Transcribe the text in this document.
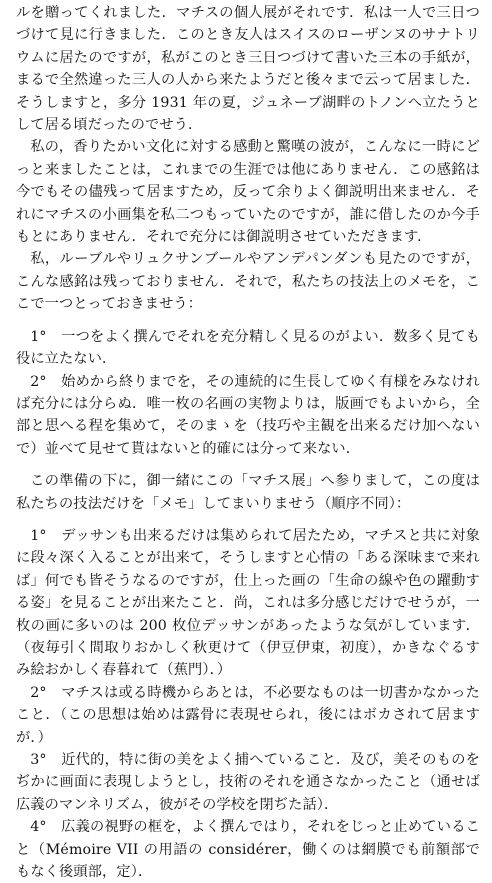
ルを贈ってくれました．マチスの個人展がそれです．私は一人で三日つづけて見に行きました．このとき友人はスイスのローザンヌのサナトリウムに居たのですが，私がこのとき三日つづけて書いた三本の手紙が，まるで全然違った三人の人から来たようだと後々まで云って居ました．そうしますと，多分 1931 年の夏，ジュネーブ湖畔のトノンへ立たうとして居る頃だったのでせう．

私の，香りたかい文化に対する感動と驚嘆の波が，こんなに一時にどっと来ましたことは，これまでの生涯では他にありません．この感銘は今でもその儘残って居ますため，反って余りよく御説明出来ません．それにマチスの小画集を私二つもっていたのですが，誰に借したのか今手もとにありません．それで充分には御説明させていただきます．

私，ルーブルやリュクサンブールやアンデパンダンも見たのですが，こんな感銘は残っておりません．それで，私たちの技法上のメモを，ここで一つとっておきませう：

1°　一つをよく撰んでそれを充分精しく見るのがよい．数多く見ても役に立たない．

2°　始めから終りまでを，その連続的に生長してゆく有様をみなければ充分には分らぬ．唯一枚の名画の実物よりは，版画でもよいから，全部と思へる程を集めて，そのまゝを（技巧や主観を出来るだけ加へないで）並べて見せて貰はないと的確には分って来ない．

この準備の下に，御一緒にこの「マチス展」へ参りまして，この度は私たちの技法だけを「メモ」してまいりませう（順序不同）：

1°　デッサンも出来るだけは集められて居たため，マチスと共に対象に段々深く入ることが出来て，そうしますと心情の「ある深味まで来れば」何でも皆そうなるのですが，仕上った画の「生命の線や色の躍動する姿」を見ることが出来たこと．尚，これは多分感じだけでせうが，一枚の画に多いのは 200 枚位デッサンがあったような気がしています．（夜毎引く間取りおかしく秋更けて（伊豆伊東，初度），かきなぐるすみ絵おかしく春暮れて（蕉門）．）

2°　マチスは或る時機からあとは，不必要なものは一切書かなかったこと．（この思想は始めは露骨に表現せられ，後にはボカされて居ますが．）

3°　近代的，特に街の美をよく捕へていること．及び，美そのものをぢかに画面に表現しようとし，技術のそれを通さなかったこと（通せば広義のマンネリズム，彼がその学校を閉ぢた話）．

4°　広義の視野の框を，よく撰んではり，それをじっと止めていること（Mémoire VII の用語の considérer，働くのは網膜でも前額部でもなく後頭部，定）．
